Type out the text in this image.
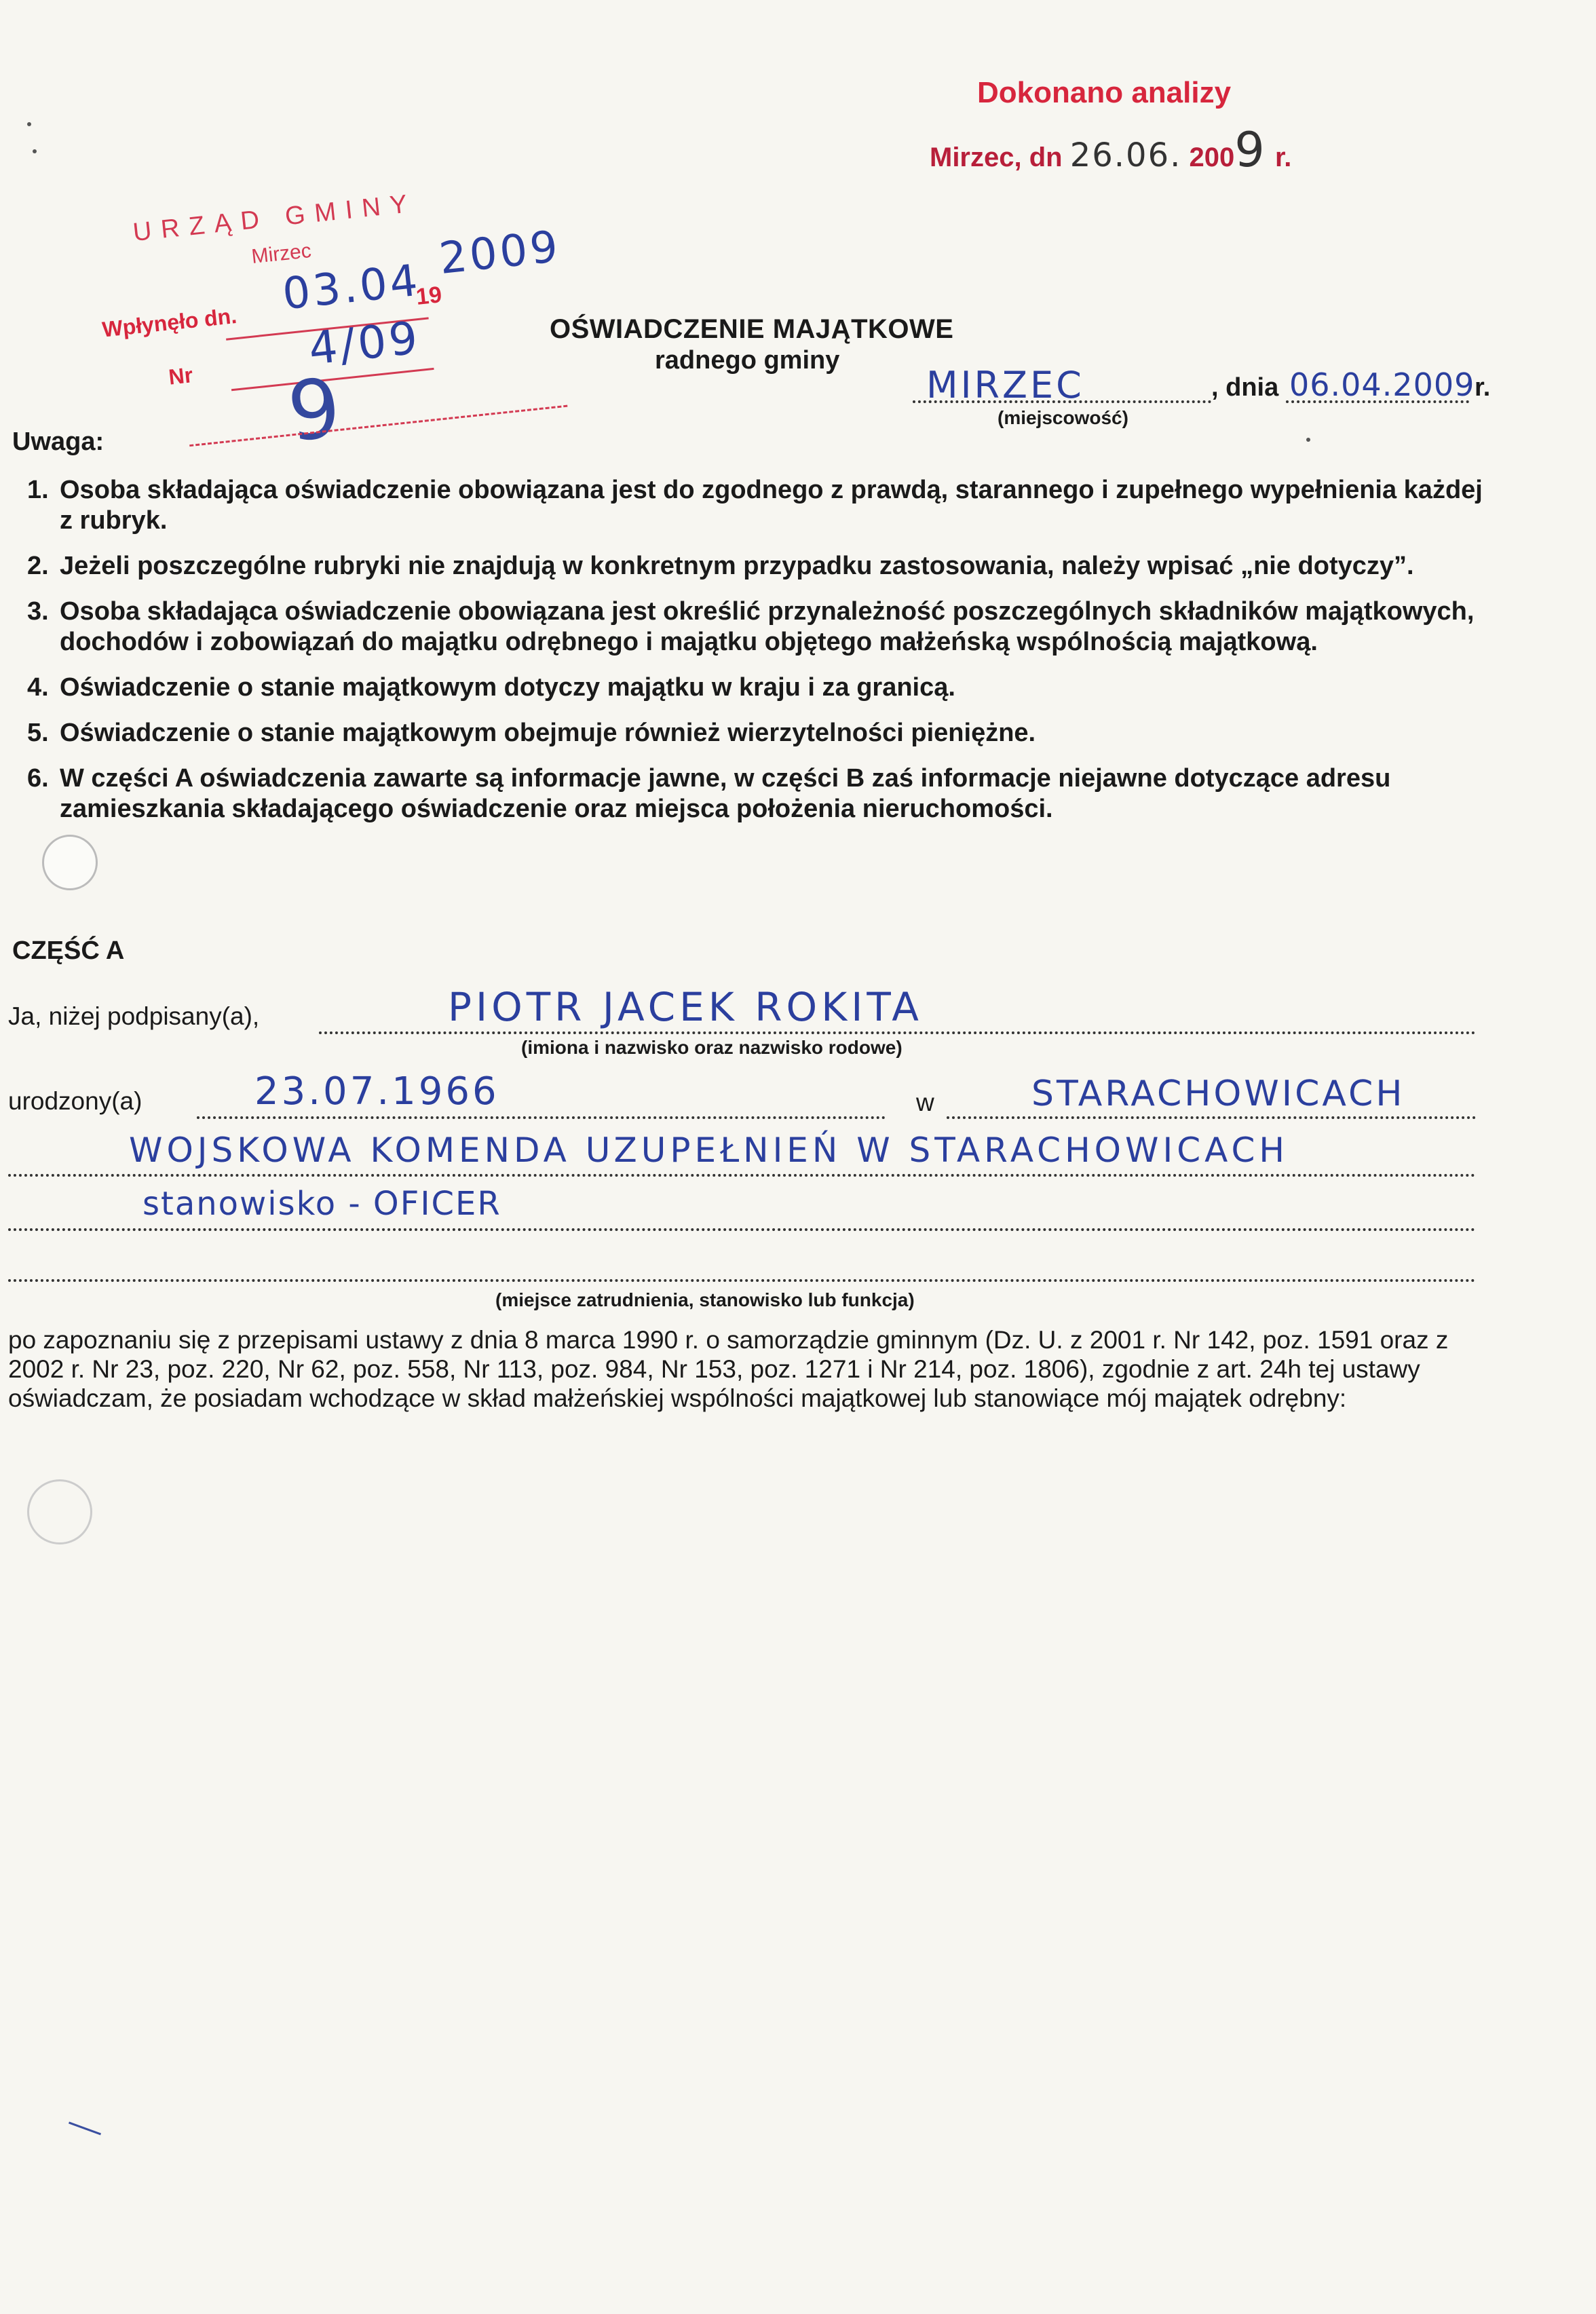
Dokonano analizy
Mirzec, dn 26.06. 2009 r.
URZĄD GMINY
Mirzec
Wpłynęło dn.
03.04
19
2009
Nr
4/09
9
OŚWIADCZENIE MAJĄTKOWE
radnego gminy
MIRZEC	, dnia 06.04.2009 r.
(miejscowość)
Uwaga:
1. Osoba składająca oświadczenie obowiązana jest do zgodnego z prawdą, starannego i zupełnego wypełnienia każdej z rubryk.
2. Jeżeli poszczególne rubryki nie znajdują w konkretnym przypadku zastosowania, należy wpisać „nie dotyczy”.
3. Osoba składająca oświadczenie obowiązana jest określić przynależność poszczególnych składników majątkowych, dochodów i zobowiązań do majątku odrębnego i majątku objętego małżeńską wspólnością majątkową.
4. Oświadczenie o stanie majątkowym dotyczy majątku w kraju i za granicą.
5. Oświadczenie o stanie majątkowym obejmuje również wierzytelności pieniężne.
6. W części A oświadczenia zawarte są informacje jawne, w części B zaś informacje niejawne dotyczące adresu zamieszkania składającego oświadczenie oraz miejsca położenia nieruchomości.
CZĘŚĆ A
Ja, niżej podpisany(a),	PIOTR JACEK ROKITA
(imiona i nazwisko oraz nazwisko rodowe)
urodzony(a)	23.07.1966	w	STARACHOWICACH
WOJSKOWA KOMENDA UZUPEŁNIEŃ W STARACHOWICACH
stanowisko - OFICER
(miejsce zatrudnienia, stanowisko lub funkcja)
po zapoznaniu się z przepisami ustawy z dnia 8 marca 1990 r. o samorządzie gminnym (Dz. U. z 2001 r. Nr 142, poz. 1591 oraz z 2002 r. Nr 23, poz. 220, Nr 62, poz. 558, Nr 113, poz. 984, Nr 153, poz. 1271 i Nr 214, poz. 1806), zgodnie z art. 24h tej ustawy oświadczam, że posiadam wchodzące w skład małżeńskiej wspólności majątkowej lub stanowiące mój majątek odrębny:
